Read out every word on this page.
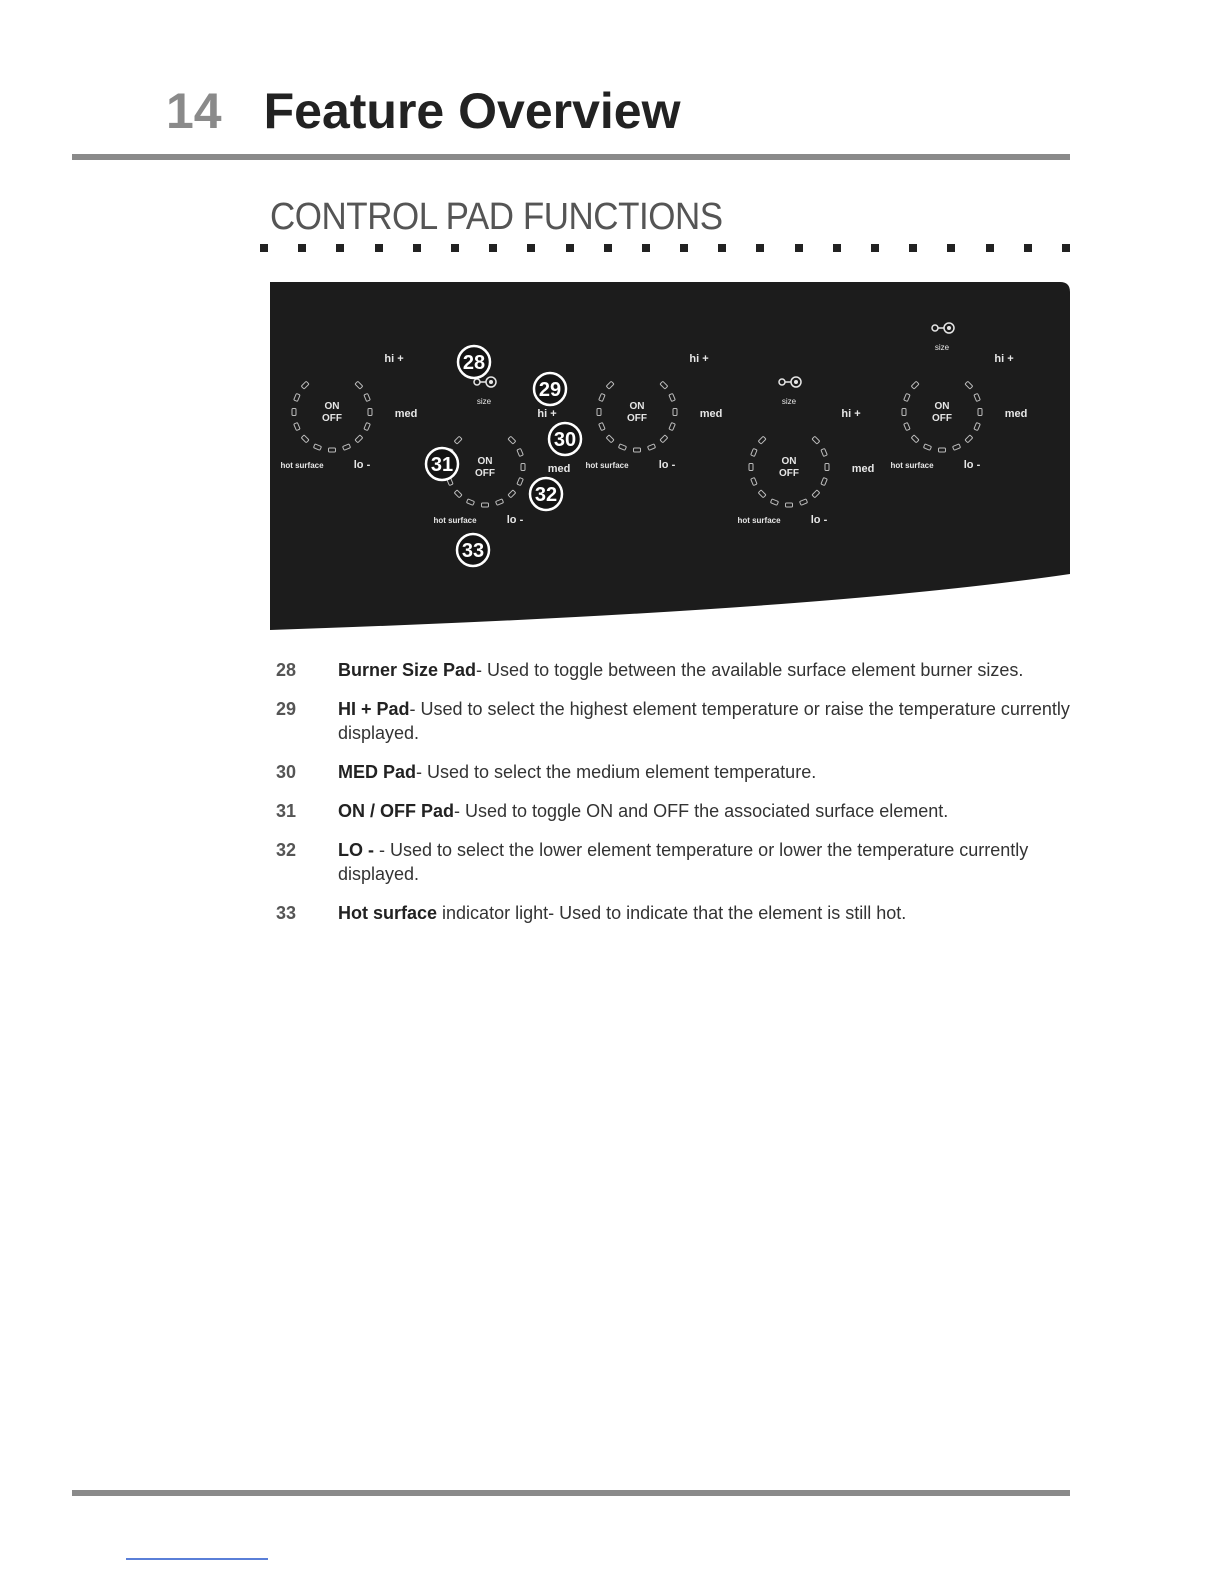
14 Feature Overview
CONTROL PAD FUNCTIONS
ON
OFF
hi +
med
hot surface	lo -	ON
OFF
hi +
med
hot surface	lo -
ON
OFF
hi +
med
hot surface	lo -	ON
OFF
hi +
med
hot surface	lo -
ON
OFF
hi +
med
hot surface	lo -
size	size
size
28
29
30
31
32
33
28	Burner Size Pad- Used to toggle between the available surface element burner sizes.
29	HI + Pad- Used to select the highest element temperature or raise the temperature currently displayed.
30	MED Pad- Used to select the medium element temperature.
31	ON / OFF Pad- Used to toggle ON and OFF the associated surface element.
32	LO - - Used to select the lower element temperature or lower the temperature currently displayed.
33	Hot surface indicator light- Used to indicate that the element is still hot.
